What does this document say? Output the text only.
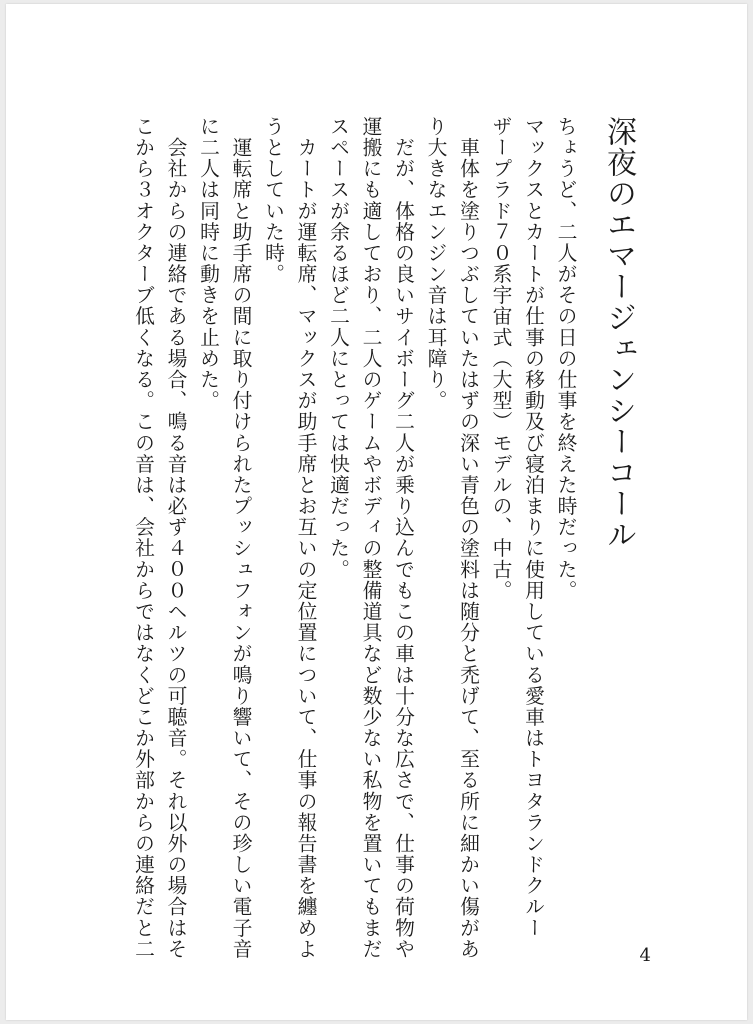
深夜のエマージェンシーコール
ちょうど、二人がその日の仕事を終えた時だった。
マックスとカートが仕事の移動及び寝泊まりに使用している愛車はトヨタランドクルー
ザープラド７０系宇宙式（大型）モデルの、中古。
　車体を塗りつぶしていたはずの深い青色の塗料は随分と禿げて、至る所に細かい傷があ
り大きなエンジン音は耳障り。
　だが、体格の良いサイボーグ二人が乗り込んでもこの車は十分な広さで、仕事の荷物や
運搬にも適しており、二人のゲームやボディの整備道具など数少ない私物を置いてもまだ
スペースが余るほど二人にとっては快適だった。
　カートが運転席、マックスが助手席とお互いの定位置について、仕事の報告書を纏めよ
うとしていた時。
　運転席と助手席の間に取り付けられたプッシュフォンが鳴り響いて、その珍しい電子音
に二人は同時に動きを止めた。
　会社からの連絡である場合、鳴る音は必ず４００ヘルツの可聴音。それ以外の場合はそ
こから３オクターブ低くなる。この音は、会社からではなくどこか外部からの連絡だと二	4
